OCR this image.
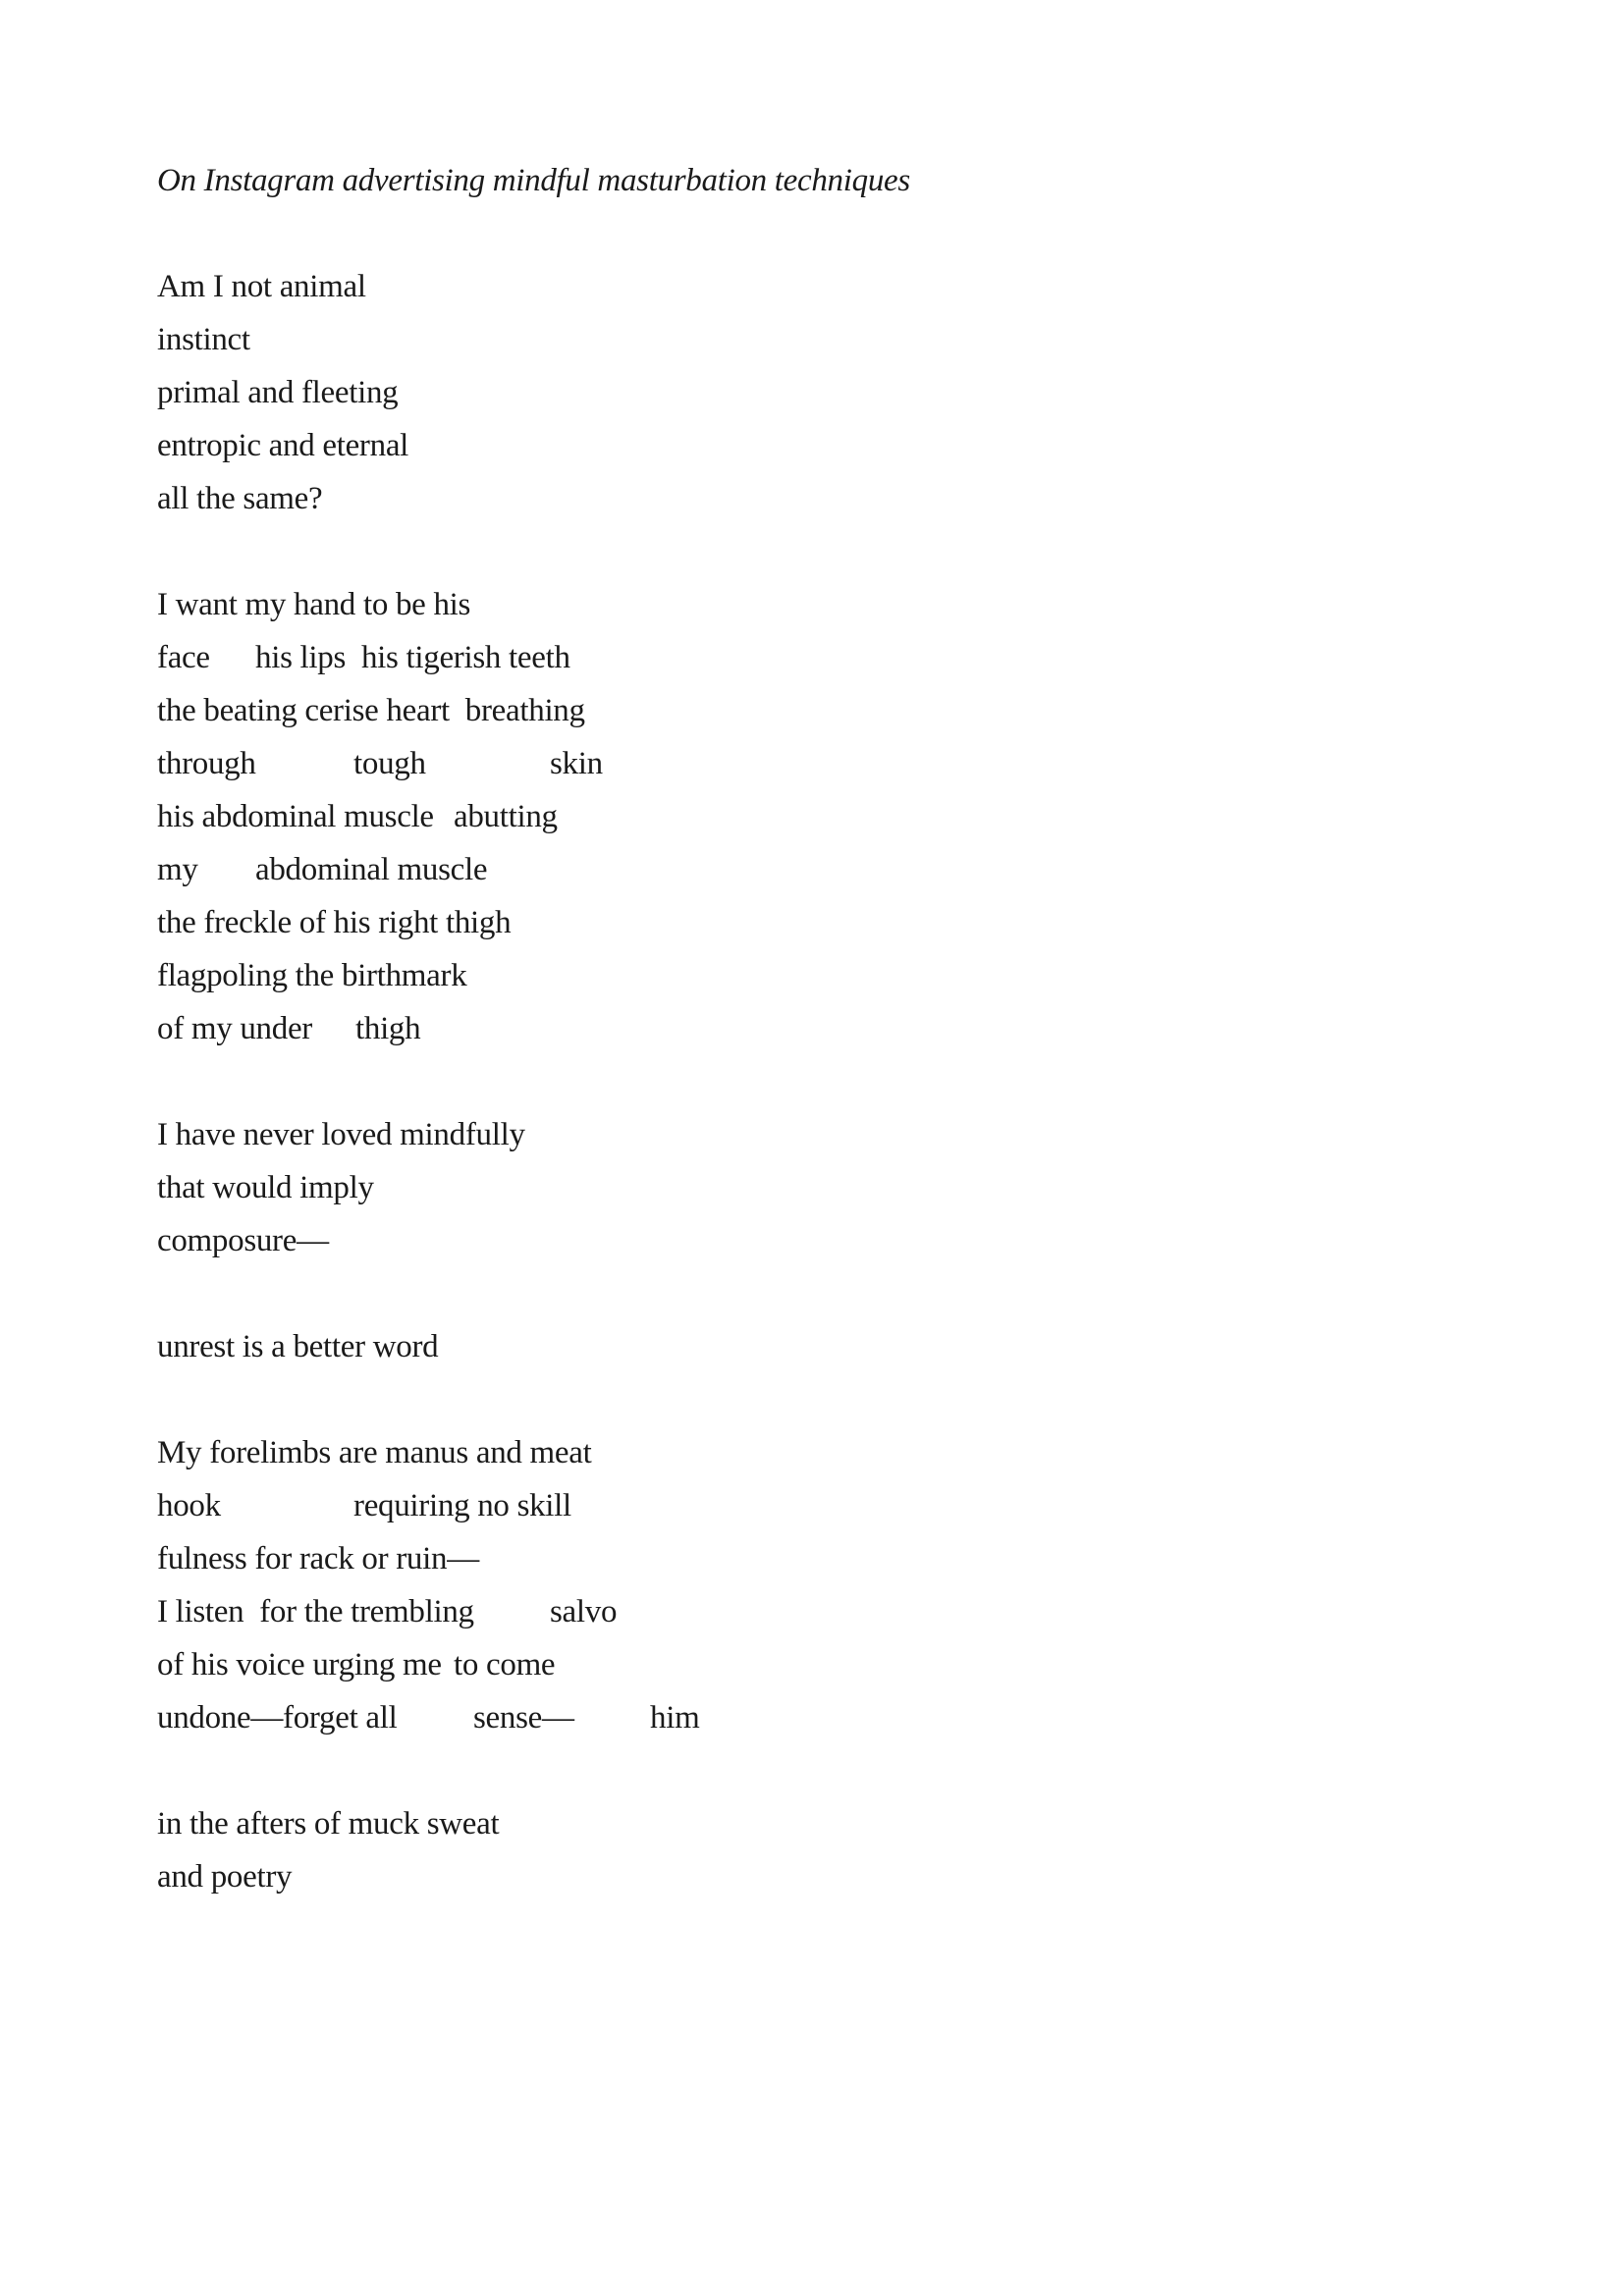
On Instagram advertising mindful masturbation techniques
Am I not animal
instinct
primal and fleeting
entropic and eternal
all the same?
I want my hand to be his

face

his lips  his tigerish teeth

the beating cerise heart  breathing

through

	tough

	skin

his abdominal muscle

abutting

my

abdominal muscle

the freckle of his right thigh
flagpoling the birthmark

of my under

thigh

I have never loved mindfully
that would imply
composure—
unrest is a better word
My forelimbs are manus and meat

hook

	requiring no skill

fulness for rack or ruin—

I listen  for the trembling

salvo

of his voice urging me

to come

undone—forget all

sense—

him

in the afters of muck sweat
and poetry
